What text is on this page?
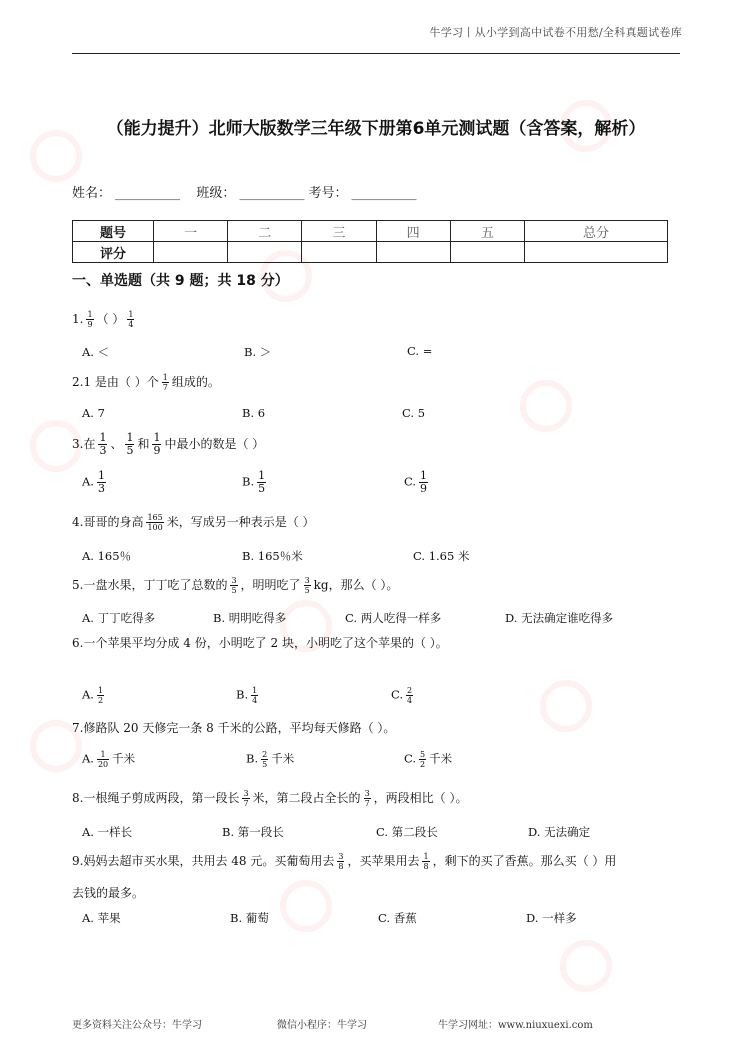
牛学习丨从小学到高中试卷不用愁/全科真题试卷库
（能力提升）北师大版数学三年级下册第6单元测试题（含答案，解析）
姓名： __________ 班级： __________ 考号： __________
题号	一	二	三	四	五	总分
评分						
一、单选题（共 9 题；共 18 分）
1. $\frac{1}{9}$ （ ） $\frac{1}{4}$
A. ＜	B. ＞	C. =
2.1 是由（ ）个 $\frac{1}{7}$ 组成的。
A. 7	B. 6	C. 5
3.在 $\frac{1}{3}$ 、 $\frac{1}{5}$ 和 $\frac{1}{9}$ 中最小的数是（ ）
A. $\frac{1}{3}$	B. $\frac{1}{5}$	C. $\frac{1}{9}$
4.哥哥的身高 $\frac{165}{100}$ 米，写成另一种表示是（ ）
A. 165％	B. 165％米	C. 1.65 米
5.一盘水果，丁丁吃了总数的 $\frac{3}{5}$ ，明明吃了 $\frac{3}{5}$ kg，那么（ ）。
A. 丁丁吃得多	B. 明明吃得多	C. 两人吃得一样多	D. 无法确定谁吃得多
6.一个苹果平均分成 4 份，小明吃了 2 块，小明吃了这个苹果的（ ）。
A. $\frac{1}{2}$	B. $\frac{1}{4}$	C. $\frac{2}{4}$
7.修路队 20 天修完一条 8 千米的公路，平均每天修路（ ）。
A. $\frac{1}{20}$ 千米	B. $\frac{2}{5}$ 千米	C. $\frac{5}{2}$ 千米
8.一根绳子剪成两段，第一段长 $\frac{3}{7}$ 米，第二段占全长的 $\frac{3}{7}$ ，两段相比（ ）。
A. 一样长	B. 第一段长	C. 第二段长	D. 无法确定
9.妈妈去超市买水果，共用去 48 元。买葡萄用去 $\frac{3}{8}$ ，买苹果用去 $\frac{1}{8}$ ，剩下的买了香蕉。那么买（ ）用
去钱的最多。
A. 苹果	B. 葡萄	C. 香蕉	D. 一样多
更多资料关注公众号：牛学习	微信小程序：牛学习	牛学习网址：www.niuxuexi.com
